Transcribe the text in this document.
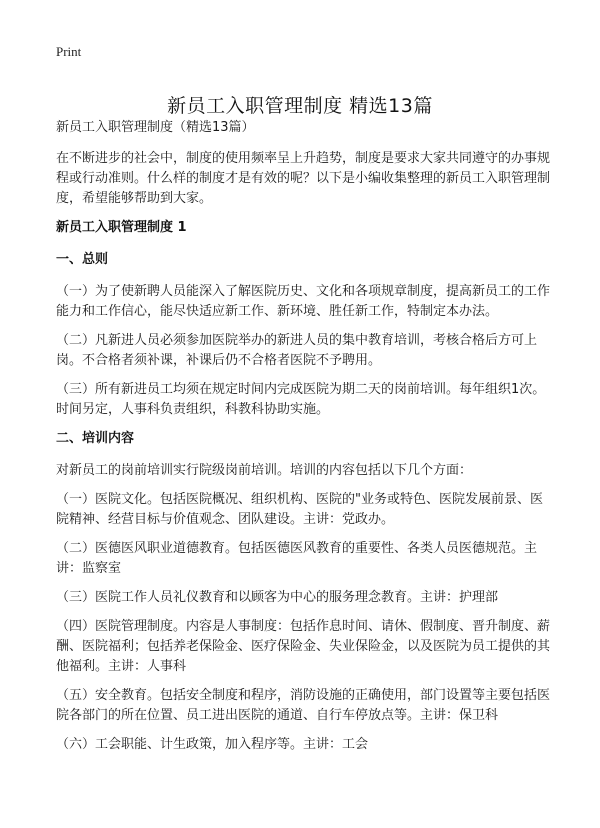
Print
新员工入职管理制度 精选13篇

新员工入职管理制度（精选13篇）

在不断进步的社会中，制度的使用频率呈上升趋势，制度是要求大家共同遵守的办事规程或行动准则。什么样的制度才是有效的呢？以下是小编收集整理的新员工入职管理制度，希望能够帮助到大家。

新员工入职管理制度 1

一、总则

（一）为了使新聘人员能深入了解医院历史、文化和各项规章制度，提高新员工的工作能力和工作信心，能尽快适应新工作、新环境、胜任新工作，特制定本办法。

（二）凡新进人员必须参加医院举办的新进人员的集中教育培训，考核合格后方可上岗。不合格者须补课，补课后仍不合格者医院不予聘用。

（三）所有新进员工均须在规定时间内完成医院为期二天的岗前培训。每年组织1次。时间另定，人事科负责组织，科教科协助实施。

二、培训内容

对新员工的岗前培训实行院级岗前培训。培训的内容包括以下几个方面：

（一）医院文化。包括医院概况、组织机构、医院的"业务或特色、医院发展前景、医院精神、经营目标与价值观念、团队建设。主讲：党政办。

（二）医德医风职业道德教育。包括医德医风教育的重要性、各类人员医德规范。主讲：监察室

（三）医院工作人员礼仪教育和以顾客为中心的服务理念教育。主讲：护理部

（四）医院管理制度。内容是人事制度：包括作息时间、请休、假制度、晋升制度、薪酬、医院福利；包括养老保险金、医疗保险金、失业保险金，以及医院为员工提供的其他福利。主讲：人事科

（五）安全教育。包括安全制度和程序，消防设施的正确使用，部门设置等主要包括医院各部门的所在位置、员工进出医院的通道、自行车停放点等。主讲：保卫科

（六）工会职能、计生政策，加入程序等。主讲：工会
